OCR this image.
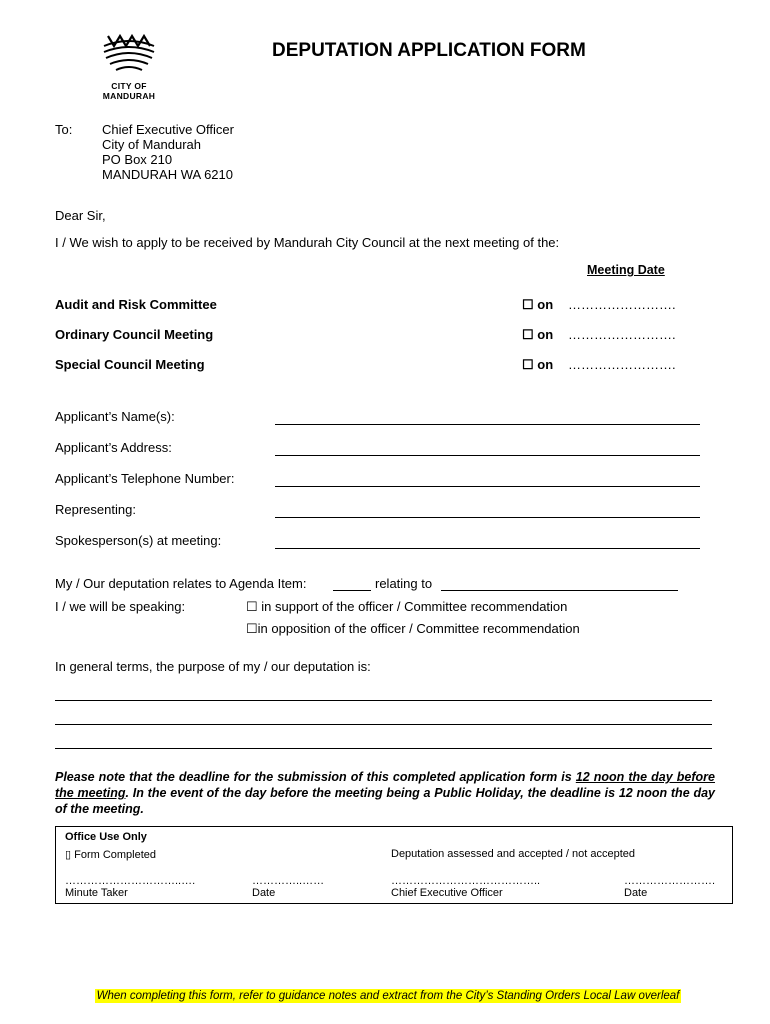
CITY OF
MANDURAH
DEPUTATION APPLICATION FORM
To: Chief Executive Officer
City of Mandurah
PO Box 210
MANDURAH WA 6210
Dear Sir,
I / We wish to apply to be received by Mandurah City Council at the next meeting of the:
Meeting Date
Audit and Risk Committee	☐ on …………………….
Ordinary Council Meeting	☐ on …………………….
Special Council Meeting	☐ on …………………….
Applicant’s Name(s):
Applicant’s Address:
Applicant’s Telephone Number:
Representing:
Spokesperson(s) at meeting:
My / Our deputation relates to Agenda Item:	relating to
I / we will be speaking:	☐ in support of the officer / Committee recommendation
☐in opposition of the officer / Committee recommendation
In general terms, the purpose of my / our deputation is:
Please note that the deadline for the submission of this completed application form is 12 noon the day before the meeting. In the event of the day before the meeting being a Public Holiday, the deadline is 12 noon the day of the meeting.
Office Use Only
▯ Form Completed	Deputation assessed and accepted / not accepted
…………………………..….	…………..……	…………………………………..	…………………….
Minute Taker	Date	Chief Executive Officer	Date
When completing this form, refer to guidance notes and extract from the City’s Standing Orders Local Law overleaf
